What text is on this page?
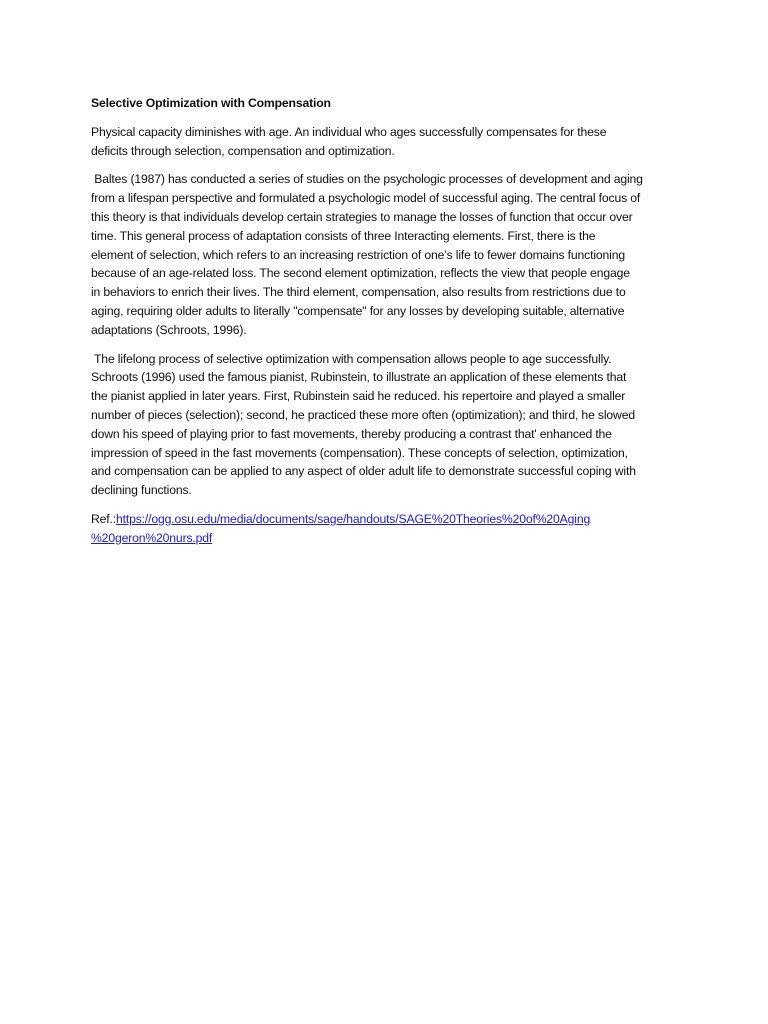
Selective Optimization with Compensation
Physical capacity diminishes with age. An individual who ages successfully compensates for these
deficits through selection, compensation and optimization.
Baltes (1987) has conducted a series of studies on the psychologic processes of development and aging
from a lifespan perspective and formulated a psychologic model of successful aging. The central focus of
this theory is that individuals develop certain strategies to manage the losses of function that occur over
time. This general process of adaptation consists of three Interacting elements. First, there is the
element of selection, which refers to an increasing restriction of one’s life to fewer domains functioning
because of an age-related loss. The second element optimization, reflects the view that people engage
in behaviors to enrich their lives. The third element, compensation, also results from restrictions due to
aging, requiring older adults to literally "compensate" for any losses by developing suitable, alternative
adaptations (Schroots, 1996).
The lifelong process of selective optimization with compensation allows people to age successfully.
Schroots (1996) used the famous pianist, Rubinstein, to illustrate an application of these elements that
the pianist applied in later years. First, Rubinstein said he reduced. his repertoire and played a smaller
number of pieces (selection); second, he practiced these more often (optimization); and third, he slowed
down his speed of playing prior to fast movements, thereby producing a contrast that' enhanced the
impression of speed in the fast movements (compensation). These concepts of selection, optimization,
and compensation can be applied to any aspect of older adult life to demonstrate successful coping with
declining functions.
Ref.:https://ogg.osu.edu/media/documents/sage/handouts/SAGE%20Theories%20of%20Aging
%20geron%20nurs.pdf
